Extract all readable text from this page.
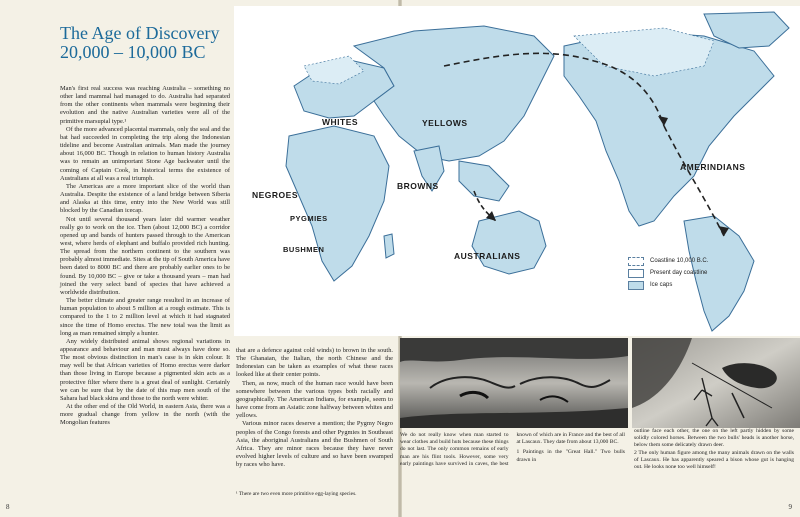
The Age of Discovery
20,000 – 10,000 BC

Man's first real success was reaching Australia – something no other land mammal had managed to do. Australia had separated from the other continents when mammals were beginning their evolution and the native Australian varieties were all of the primitive marsupial type.¹

Of the more advanced placental mammals, only the seal and the bat had succeeded in completing the trip along the Indonesian tideline and become Australian animals. Man made the journey about 16,000 BC. Though in relation to human history Australia was to remain an unimportant Stone Age backwater until the coming of Captain Cook, in historical terms the existence of Australians at all was a real triumph.

The Americas are a more important slice of the world than Australia. Despite the existence of a land bridge between Siberia and Alaska at this time, entry into the New World was still blocked by the Canadian icecap.

Not until several thousand years later did warmer weather really go to work on the ice. Then (about 12,000 BC) a corridor opened up and bands of hunters passed through to the American west, where herds of elephant and buffalo provided rich hunting. The spread from the northern continent to the southern was probably almost immediate. Sites at the tip of South America have been dated to 8000 BC and there are probably earlier ones to be found. By 10,000 BC – give or take a thousand years – man had joined the very select band of species that have achieved a worldwide distribution.

The better climate and greater range resulted in an increase of human population to about 5 million at a rough estimate. This is compared to the 1 to 2 million level at which it had stagnated since the time of Homo erectus. The new total was the limit as long as man remained simply a hunter.

Any widely distributed animal shows regional variations in appearance and behaviour and man must always have done so. The most obvious distinction in man's case is in skin colour. It may well be that African varieties of Homo erectus were darker than those living in Europe because a pigmented skin acts as a protective filter where there is a great deal of sunlight. Certainly we can be sure that by the date of this map men south of the Sahara had black skins and those to the north were whiter.

At the other end of the Old World, in eastern Asia, there was a more gradual change from yellow in the north (with the Mongolian features

that are a defence against cold winds) to brown in the south. The Ghanaian, the Italian, the north Chinese and the Indonesian can be taken as examples of what these races looked like at their center points.

Then, as now, much of the human race would have been somewhere between the various types both racially and geographically. The American Indians, for example, seem to have come from an Asiatic zone halfway between whites and yellows.

Various minor races deserve a mention; the Pygmy Negro peoples of the Congo forests and other Pygmies in Southeast Asia, the aboriginal Australians and the Bushmen of South Africa. They are minor races because they have never evolved higher levels of culture and so have been swamped by races who have.

¹ There are two even more primitive egg-laying species.
WHITES	YELLOWS
BROWNS
NEGROES
PYGMIES
BUSHMEN
AUSTRALIANS
AMERINDIANS
Coastline 10,000 B.C.
Present day coastline
Ice caps

We do not really know when man started to wear clothes and build huts because these things do not last. The only common remains of early man are his flint tools. However, some very early paintings have survived in caves, the best known of which are in France and the best of all at Lascaux. They date from about 13,000 BC.

1 Paintings in the "Great Hall." Two bulls drawn in

outline face each other, the one on the left partly hidden by some solidly colored horses. Between the two bulls' heads is another horse, below them some delicately drawn deer.

2 The only human figure among the many animals drawn on the walls of Lascaux. He has apparently speared a bison whose gut is hanging out. He looks none too well himself!

8	9
